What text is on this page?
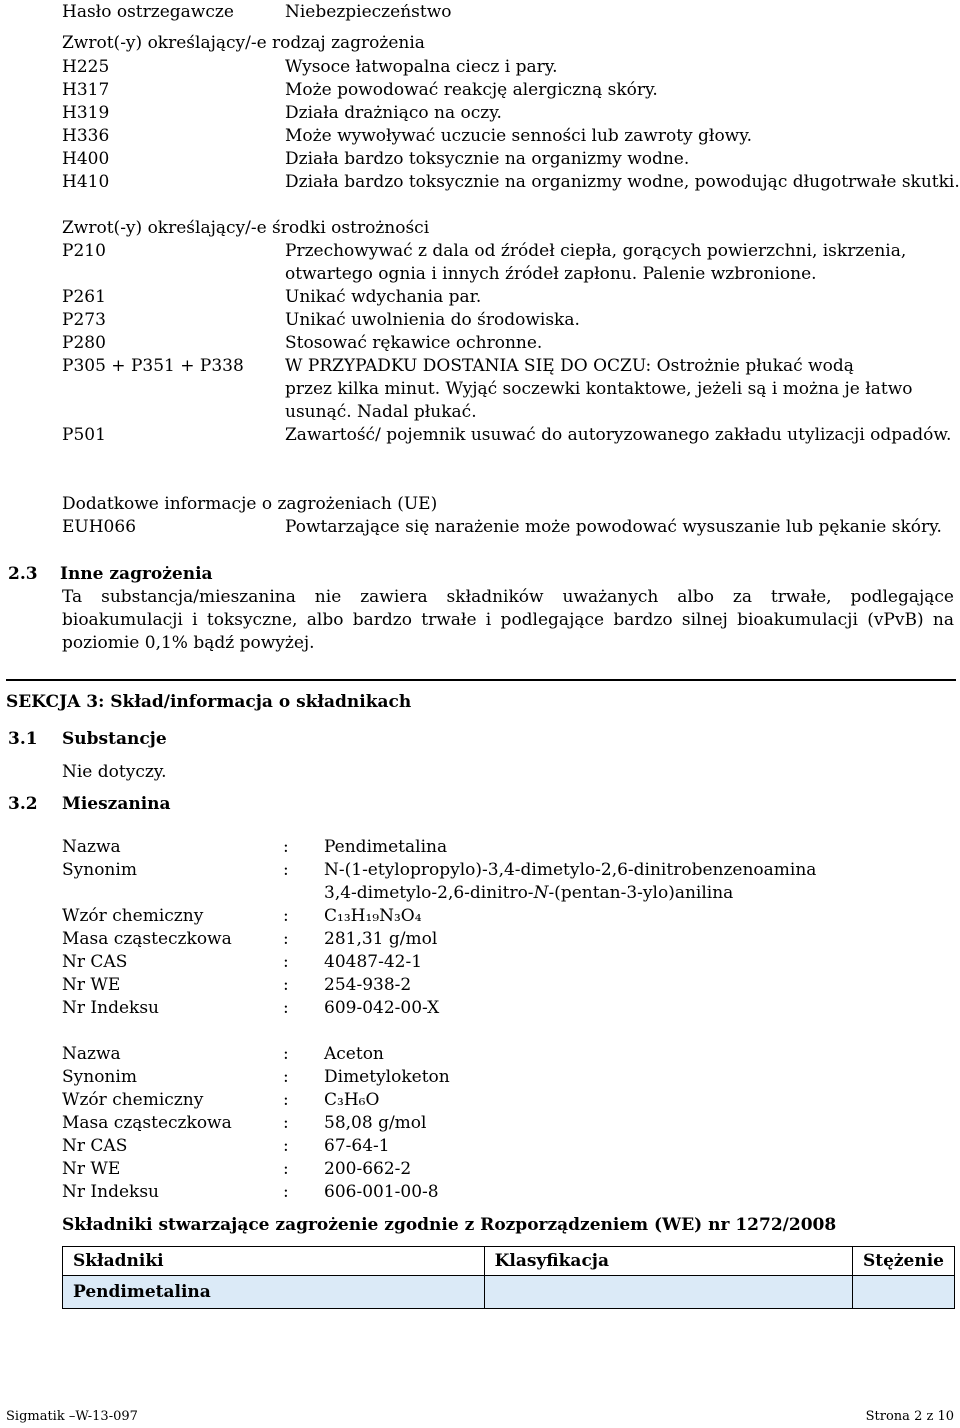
Hasło ostrzegawcze	Niebezpieczeństwo
Zwrot(-y) określający/-e rodzaj zagrożenia
H225	Wysoce łatwopalna ciecz i pary.
H317	Może powodować reakcję alergiczną skóry.
H319	Działa drażniąco na oczy.
H336	Może wywoływać uczucie senności lub zawroty głowy.
H400	Działa bardzo toksycznie na organizmy wodne.
H410	Działa bardzo toksycznie na organizmy wodne, powodując długotrwałe skutki.
Zwrot(-y) określający/-e środki ostrożności
P210	Przechowywać z dala od źródeł ciepła, gorących powierzchni, iskrzenia,
otwartego ognia i innych źródeł zapłonu. Palenie wzbronione.
P261	Unikać wdychania par.
P273	Unikać uwolnienia do środowiska.
P280	Stosować rękawice ochronne.
P305 + P351 + P338 W PRZYPADKU DOSTANIA SIĘ DO OCZU: Ostrożnie płukać wodą
przez kilka minut. Wyjąć soczewki kontaktowe, jeżeli są i można je łatwo
usunąć. Nadal płukać.
P501	Zawartość/ pojemnik usuwać do autoryzowanego zakładu utylizacji odpadów.
Dodatkowe informacje o zagrożeniach (UE)
EUH066	Powtarzające się narażenie może powodować wysuszanie lub pękanie skóry.
2.3 Inne zagrożenia
Ta substancja/mieszanina nie zawiera składników uważanych albo za trwałe, podlegające bioakumulacji i toksyczne, albo bardzo trwałe i podlegające bardzo silnej bioakumulacji (vPvB) na poziomie 0,1% bądź powyżej.
SEKCJA 3: Skład/informacja o składnikach
3.1 Substancje
Nie dotyczy.
3.2 Mieszanina
Nazwa	: Pendimetalina
Synonim	: N-(1-etylopropylo)-3,4-dimetylo-2,6-dinitrobenzenoamina
3,4-dimetylo-2,6-dinitro-N-(pentan-3-ylo)anilina
Wzór chemiczny	: C₁₃H₁₉N₃O₄
Masa cząsteczkowa	: 281,31 g/mol
Nr CAS	: 40487-42-1
Nr WE	: 254-938-2
Nr Indeksu	: 609-042-00-X
Nazwa	: Aceton
Synonim	: Dimetyloketon
Wzór chemiczny	: C₃H₆O
Masa cząsteczkowa	: 58,08 g/mol
Nr CAS	: 67-64-1
Nr WE	: 200-662-2
Nr Indeksu	: 606-001-00-8
Składniki stwarzające zagrożenie zgodnie z Rozporządzeniem (WE) nr 1272/2008
Składniki	Klasyfikacja	Stężenie
Pendimetalina		
Sigmatik –W-13-097	Strona 2 z 10
